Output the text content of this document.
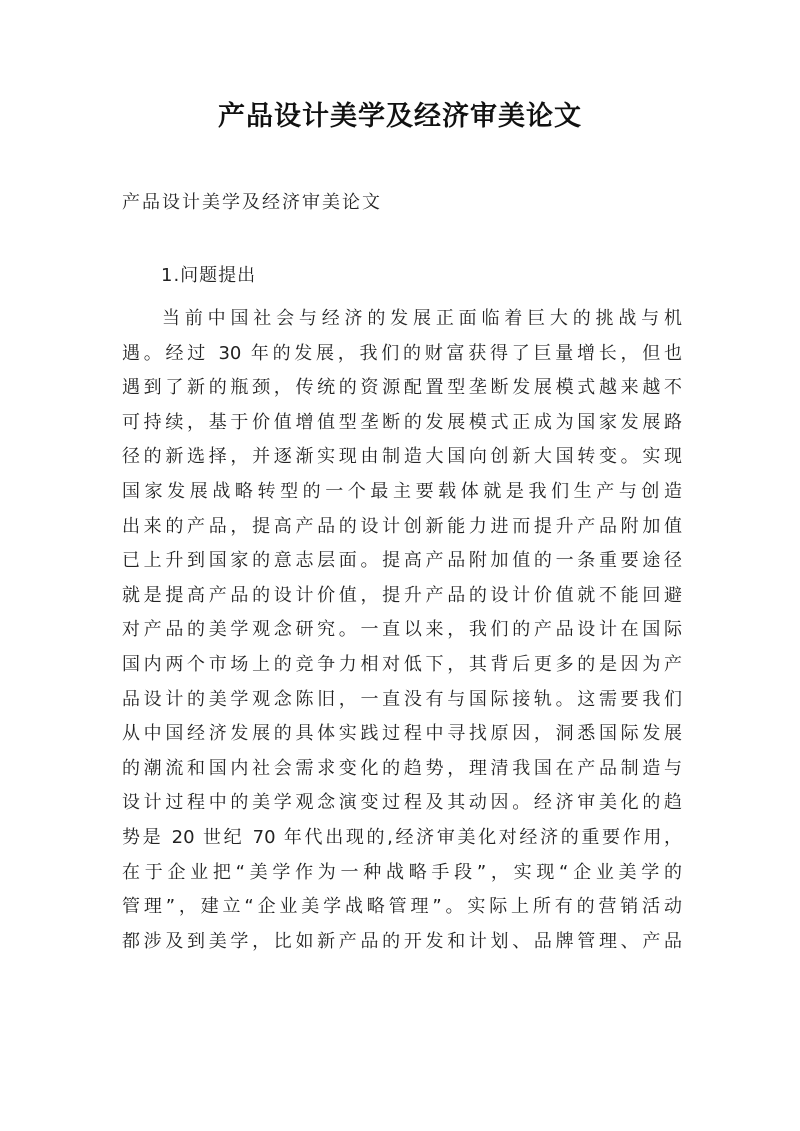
产品设计美学及经济审美论文

产品设计美学及经济审美论文

1.问题提出

当前中国社会与经济的发展正面临着巨大的挑战与机
遇。经过 30 年的发展，我们的财富获得了巨量增长，但也
遇到了新的瓶颈，传统的资源配置型垄断发展模式越来越不
可持续，基于价值增值型垄断的发展模式正成为国家发展路
径的新选择，并逐渐实现由制造大国向创新大国转变。实现
国家发展战略转型的一个最主要载体就是我们生产与创造
出来的产品，提高产品的设计创新能力进而提升产品附加值
已上升到国家的意志层面。提高产品附加值的一条重要途径
就是提高产品的设计价值，提升产品的设计价值就不能回避
对产品的美学观念研究。一直以来，我们的产品设计在国际
国内两个市场上的竞争力相对低下，其背后更多的是因为产
品设计的美学观念陈旧，一直没有与国际接轨。这需要我们
从中国经济发展的具体实践过程中寻找原因，洞悉国际发展
的潮流和国内社会需求变化的趋势，理清我国在产品制造与
设计过程中的美学观念演变过程及其动因。经济审美化的趋
势是 20 世纪 70 年代出现的,经济审美化对经济的重要作用，
在于企业把“美学作为一种战略手段”，实现“企业美学的
管理”，建立“企业美学战略管理”。实际上所有的营销活动
都涉及到美学，比如新产品的开发和计划、品牌管理、产品
